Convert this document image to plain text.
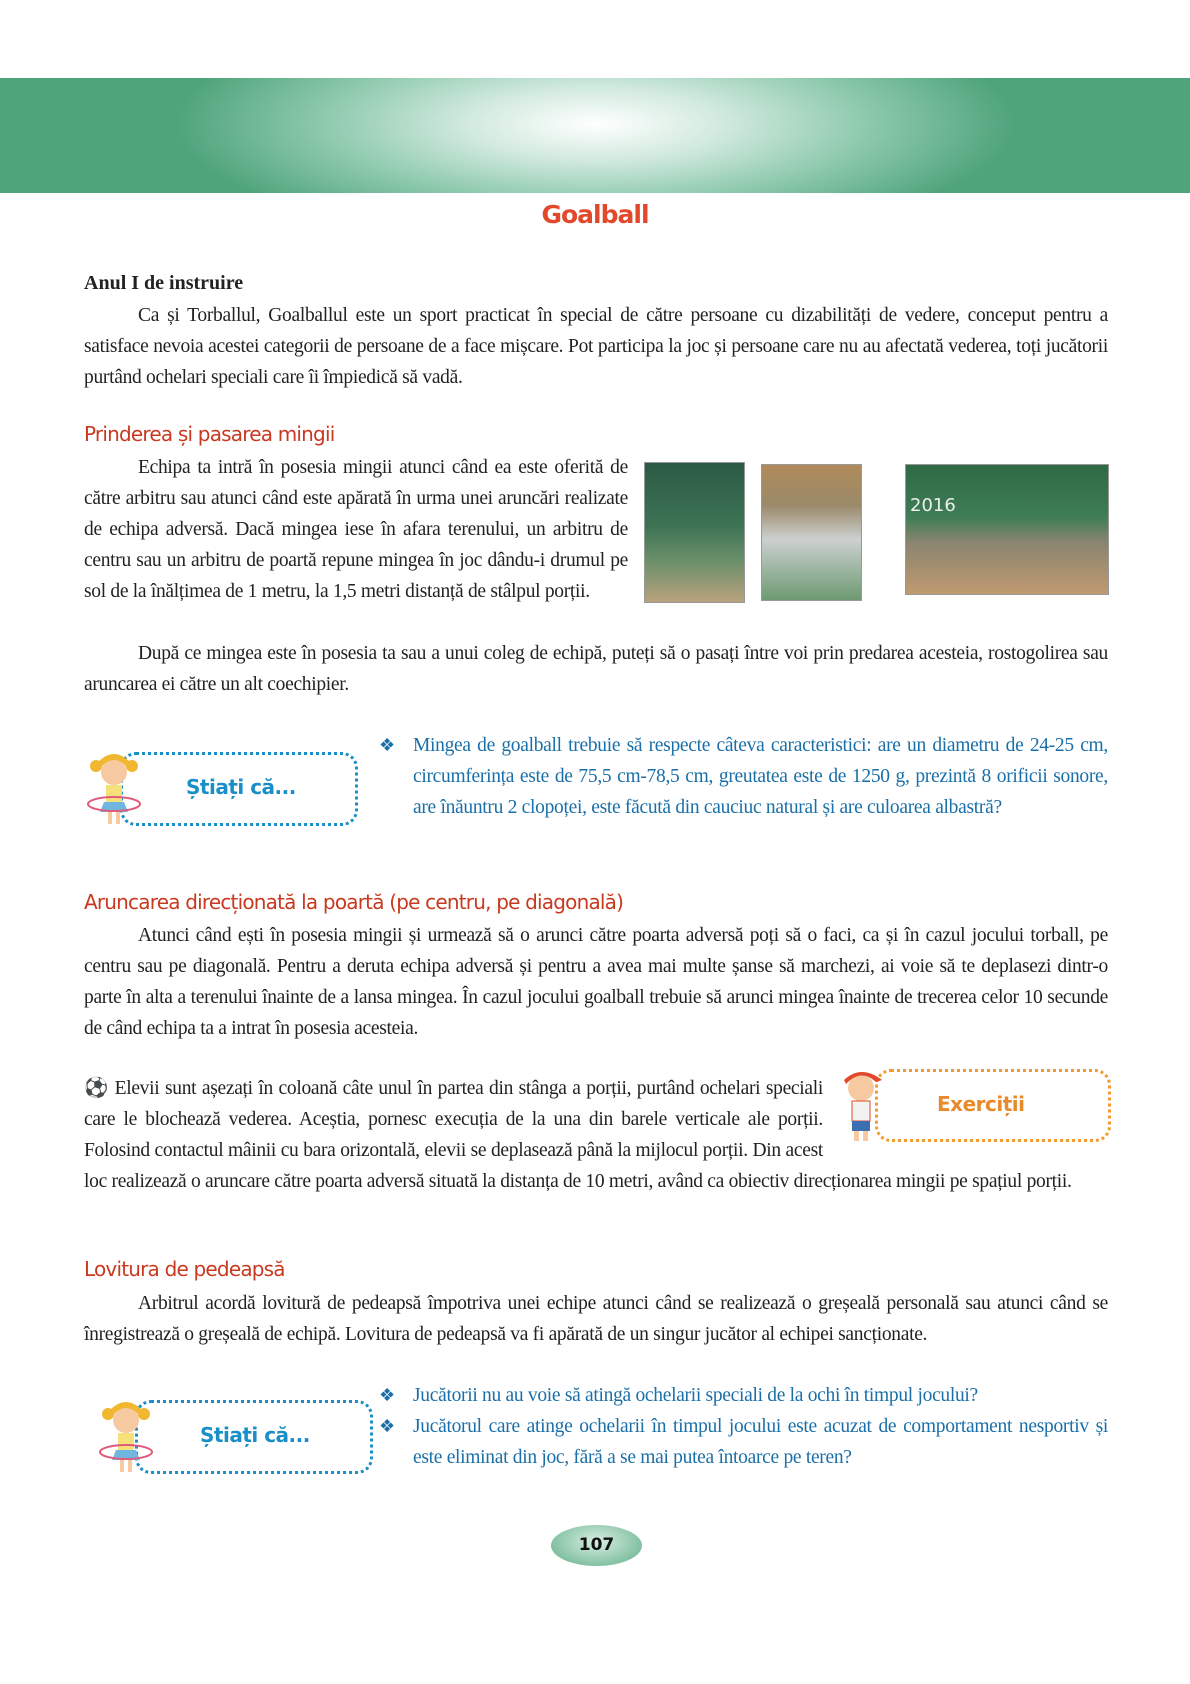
Goalball
Anul I de instruire

Ca și Torballul, Goalballul este un sport practicat în special de către persoane cu dizabilități de vedere, conceput pentru a satisface nevoia acestei categorii de persoane de a face mișcare. Pot participa la joc și persoane care nu au afectată vederea, toți jucătorii purtând ochelari speciali care îi împiedică să vadă.

Prinderea și pasarea mingii

Echipa ta intră în posesia mingii atunci când ea este oferită de către arbitru sau atunci când este apărată în urma unei aruncări realizate de echipa adversă. Dacă mingea iese în afara terenului, un arbitru de centru sau un arbitru de poartă repune mingea în joc dându-i drumul pe sol de la înălțimea de 1 metru, la 1,5 metri distanță de stâlpul porții.

2016

După ce mingea este în posesia ta sau a unui coleg de echipă, puteți să o pasați între voi prin predarea acesteia, rostogolirea sau aruncarea ei către un alt coechipier.

Știați că...
❖ Mingea de goalball trebuie să respecte câteva caracteristici: are un diametru de 24-25 cm, circumferința este de 75,5 cm-78,5 cm, greutatea este de 1250 g, prezintă 8 orificii sonore, are înăuntru 2 clopoței, este făcută din cauciuc natural și are culoarea albastră?
Aruncarea direcționată la poartă (pe centru, pe diagonală)

Atunci când ești în posesia mingii și urmează să o arunci către poarta adversă poți să o faci, ca și în cazul jocului torball, pe centru sau pe diagonală. Pentru a deruta echipa adversă și pentru a avea mai multe șanse să marchezi, ai voie să te deplasezi dintr-o parte în alta a terenului înainte de a lansa mingea. În cazul jocului goalball trebuie să arunci mingea înainte de trecerea celor 10 secunde de când echipa ta a intrat în posesia acesteia.

Exerciții
⚽ Elevii sunt așezați în coloană câte unul în partea din stânga a porții, purtând ochelari speciali care le blochează vederea. Aceștia, pornesc execuția de la una din barele verticale ale porții. Folosind contactul mâinii cu bara orizontală, elevii se deplasează până la mijlocul porții. Din acest loc realizează o aruncare către poarta adversă situată la distanța de 10 metri, având ca obiectiv direcționarea mingii pe spațiul porții.
Lovitura de pedeapsă

Arbitrul acordă lovitură de pedeapsă împotriva unei echipe atunci când se realizează o greșeală personală sau atunci când se înregistrează o greșeală de echipă. Lovitura de pedeapsă va fi apărată de un singur jucător al echipei sancționate.

Știați că...
❖ Jucătorii nu au voie să atingă ochelarii speciali de la ochi în timpul jocului?
❖ Jucătorul care atinge ochelarii în timpul jocului este acuzat de comportament nesportiv și este eliminat din joc, fără a se mai putea întoarce pe teren?
107
